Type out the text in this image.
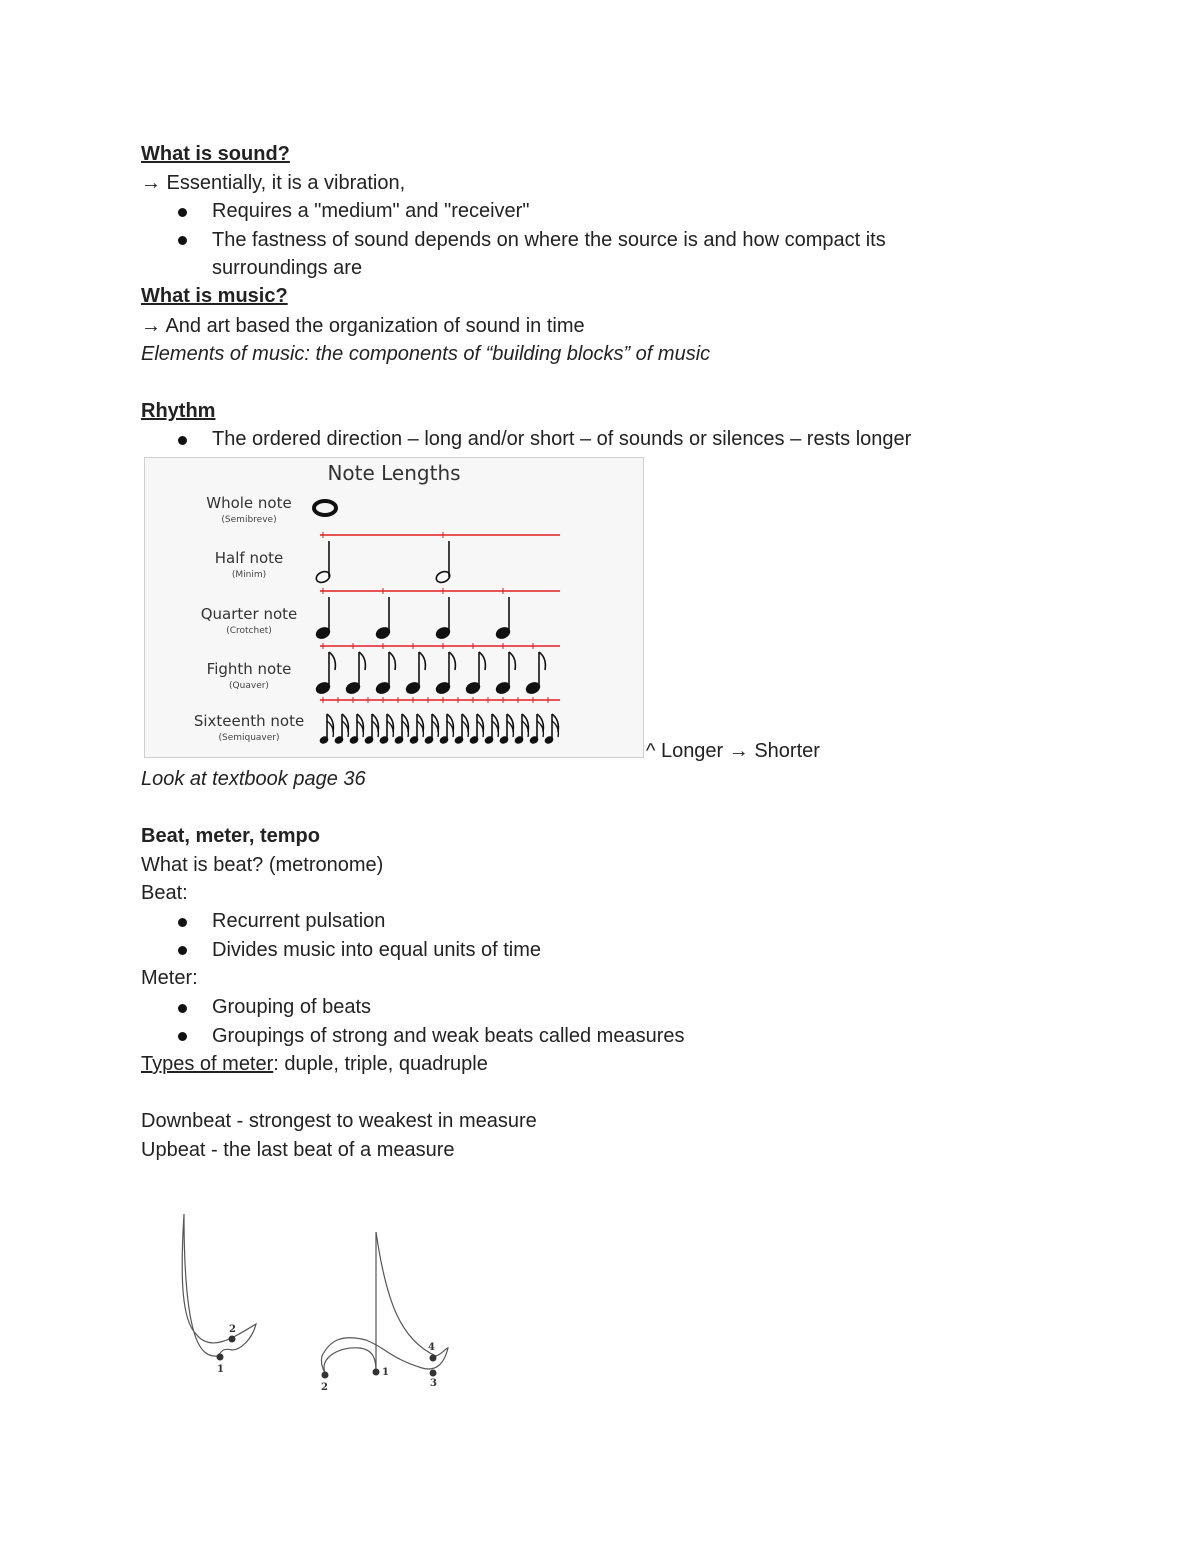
What is sound?
→ Essentially, it is a vibration,
Requires a "medium" and "receiver"
The fastness of sound depends on where the source is and how compact its
surroundings are
What is music?
→ And art based the organization of sound in time
Elements of music: the components of “building blocks” of music
Rhythm
The ordered direction – long and/or short – of sounds or silences – rests longer
Note Lengths
Whole note
(Semibreve)
Half note
(Minim)
Quarter note
(Crotchet)
Fighth note
(Quaver)
Sixteenth note
(Semiquaver)
^ Longer → Shorter
Look at textbook page 36
Beat, meter, tempo
What is beat? (metronome)
Beat:
Recurrent pulsation
Divides music into equal units of time
Meter:
Grouping of beats
Groupings of strong and weak beats called measures
Types of meter: duple, triple, quadruple
Downbeat - strongest to weakest in measure
Upbeat - the last beat of a measure
2
1
4
1
2	3
